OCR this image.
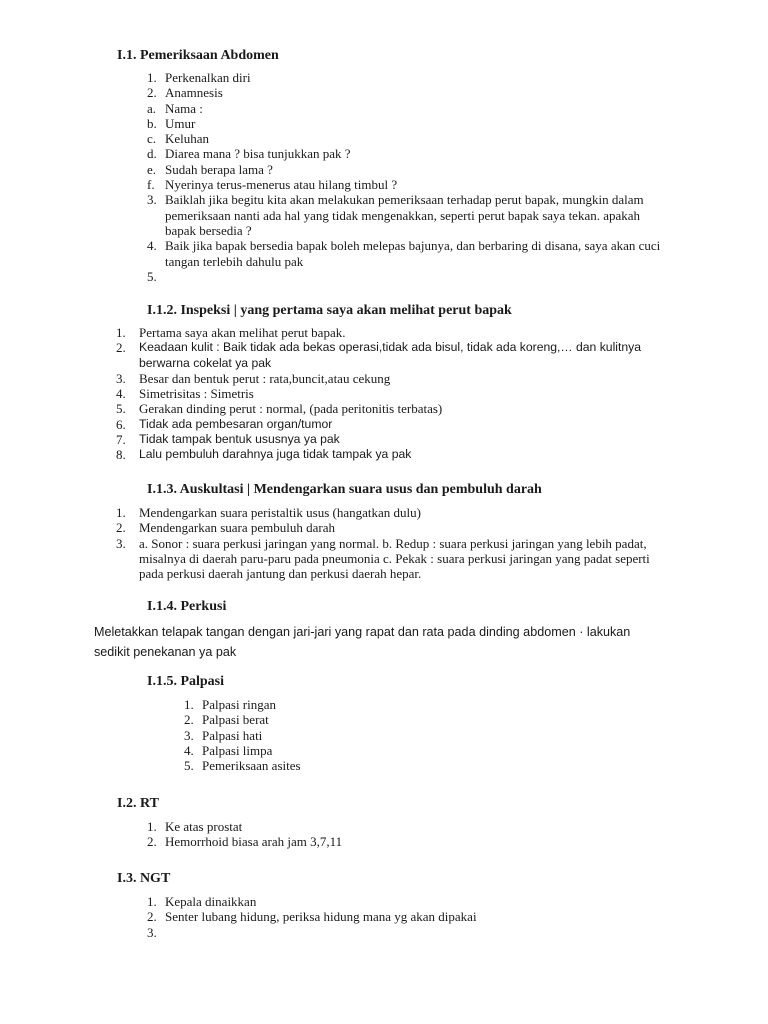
I.1. Pemeriksaan Abdomen
1. Perkenalkan diri
2. Anamnesis
a. Nama :
b. Umur
c. Keluhan
d. Diarea mana ? bisa tunjukkan pak ?
e. Sudah berapa lama ?
f. Nyerinya terus-menerus atau hilang timbul ?
3. Baiklah jika begitu kita akan melakukan pemeriksaan terhadap perut bapak, mungkin dalam pemeriksaan nanti ada hal yang tidak mengenakkan, seperti perut bapak saya tekan. apakah bapak bersedia ?
4. Baik jika bapak bersedia bapak boleh melepas bajunya, dan berbaring di disana, saya akan cuci tangan terlebih dahulu pak
5.
I.1.2. Inspeksi | yang pertama saya akan melihat perut bapak
1. Pertama saya akan melihat perut bapak.
2. Keadaan kulit : Baik tidak ada bekas operasi,tidak ada bisul, tidak ada koreng,… dan kulitnya berwarna cokelat ya pak
3. Besar dan bentuk perut : rata,buncit,atau cekung
4. Simetrisitas : Simetris
5. Gerakan dinding perut : normal, (pada peritonitis terbatas)
6. Tidak ada pembesaran organ/tumor
7. Tidak tampak bentuk ususnya ya pak
8. Lalu pembuluh darahnya juga tidak tampak ya pak
I.1.3. Auskultasi | Mendengarkan suara usus dan pembuluh darah
1. Mendengarkan suara peristaltik usus (hangatkan dulu)
2. Mendengarkan suara pembuluh darah
3. a. Sonor : suara perkusi jaringan yang normal. b. Redup : suara perkusi jaringan yang lebih padat, misalnya di daerah paru-paru pada pneumonia c. Pekak : suara perkusi jaringan yang padat seperti pada perkusi daerah jantung dan perkusi daerah hepar.
I.1.4. Perkusi
Meletakkan telapak tangan dengan jari-jari yang rapat dan rata pada dinding abdomen · lakukan sedikit penekanan ya pak
I.1.5. Palpasi
1. Palpasi ringan
2. Palpasi berat
3. Palpasi hati
4. Palpasi limpa
5. Pemeriksaan asites
I.2. RT
1. Ke atas prostat
2. Hemorrhoid biasa arah jam 3,7,11
I.3. NGT
1. Kepala dinaikkan
2. Senter lubang hidung, periksa hidung mana yg akan dipakai
3.
